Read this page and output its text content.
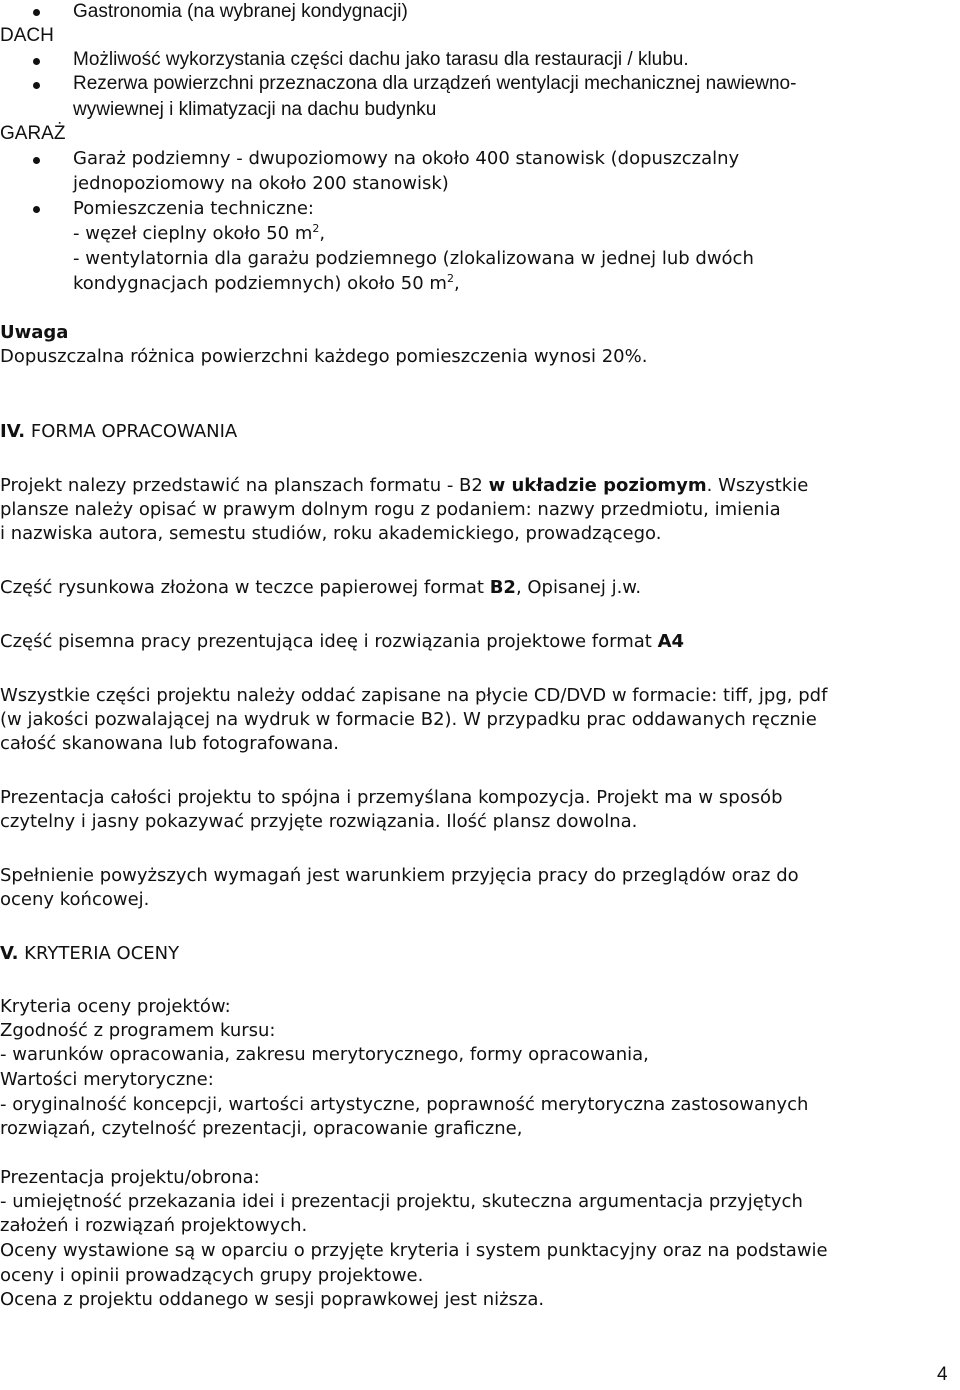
Gastronomia (na wybranej kondygnacji)
DACH
Możliwość wykorzystania części dachu jako tarasu dla restauracji / klubu.
Rezerwa powierzchni przeznaczona dla urządzeń wentylacji mechanicznej nawiewno-
wywiewnej i klimatyzacji na dachu budynku
GARAŻ
Garaż podziemny - dwupoziomowy na około 400 stanowisk (dopuszczalny
jednopoziomowy na około 200 stanowisk)
Pomieszczenia techniczne:
- węzeł cieplny około 50 $m^2$,
- wentylatornia dla garażu podziemnego (zlokalizowana w jednej lub dwóch
kondygnacjach podziemnych) około 50 $m^2$,
Uwaga
Dopuszczalna różnica powierzchni każdego pomieszczenia wynosi 20%.
IV. FORMA OPRACOWANIA
Projekt nalezy przedstawić na planszach formatu - B2 w układzie poziomym. Wszystkie
plansze należy opisać w prawym dolnym rogu z podaniem: nazwy przedmiotu, imienia
i nazwiska autora, semestu studiów, roku akademickiego, prowadzącego.
Część rysunkowa złożona w teczce papierowej format B2, Opisanej j.w.
Część pisemna pracy prezentująca ideę i rozwiązania projektowe format A4
Wszystkie części projektu należy oddać zapisane na płycie CD/DVD w formacie: tiff, jpg, pdf
(w jakości pozwalającej na wydruk w formacie B2). W przypadku prac oddawanych ręcznie
całość skanowana lub fotografowana.
Prezentacja całości projektu to spójna i przemyślana kompozycja. Projekt ma w sposób
czytelny i jasny pokazywać przyjęte rozwiązania. Ilość plansz dowolna.
Spełnienie powyższych wymagań jest warunkiem przyjęcia pracy do przeglądów oraz do
oceny końcowej.
V. KRYTERIA OCENY
Kryteria oceny projektów:
Zgodność z programem kursu:
- warunków opracowania, zakresu merytorycznego, formy opracowania,
Wartości merytoryczne:
- oryginalność koncepcji, wartości artystyczne, poprawność merytoryczna zastosowanych
rozwiązań, czytelność prezentacji, opracowanie graficzne,
Prezentacja projektu/obrona:
- umiejętność przekazania idei i prezentacji projektu, skuteczna argumentacja przyjętych
założeń i rozwiązań projektowych.
Oceny wystawione są w oparciu o przyjęte kryteria i system punktacyjny oraz na podstawie
oceny i opinii prowadzących grupy projektowe.
Ocena z projektu oddanego w sesji poprawkowej jest niższa.
4
